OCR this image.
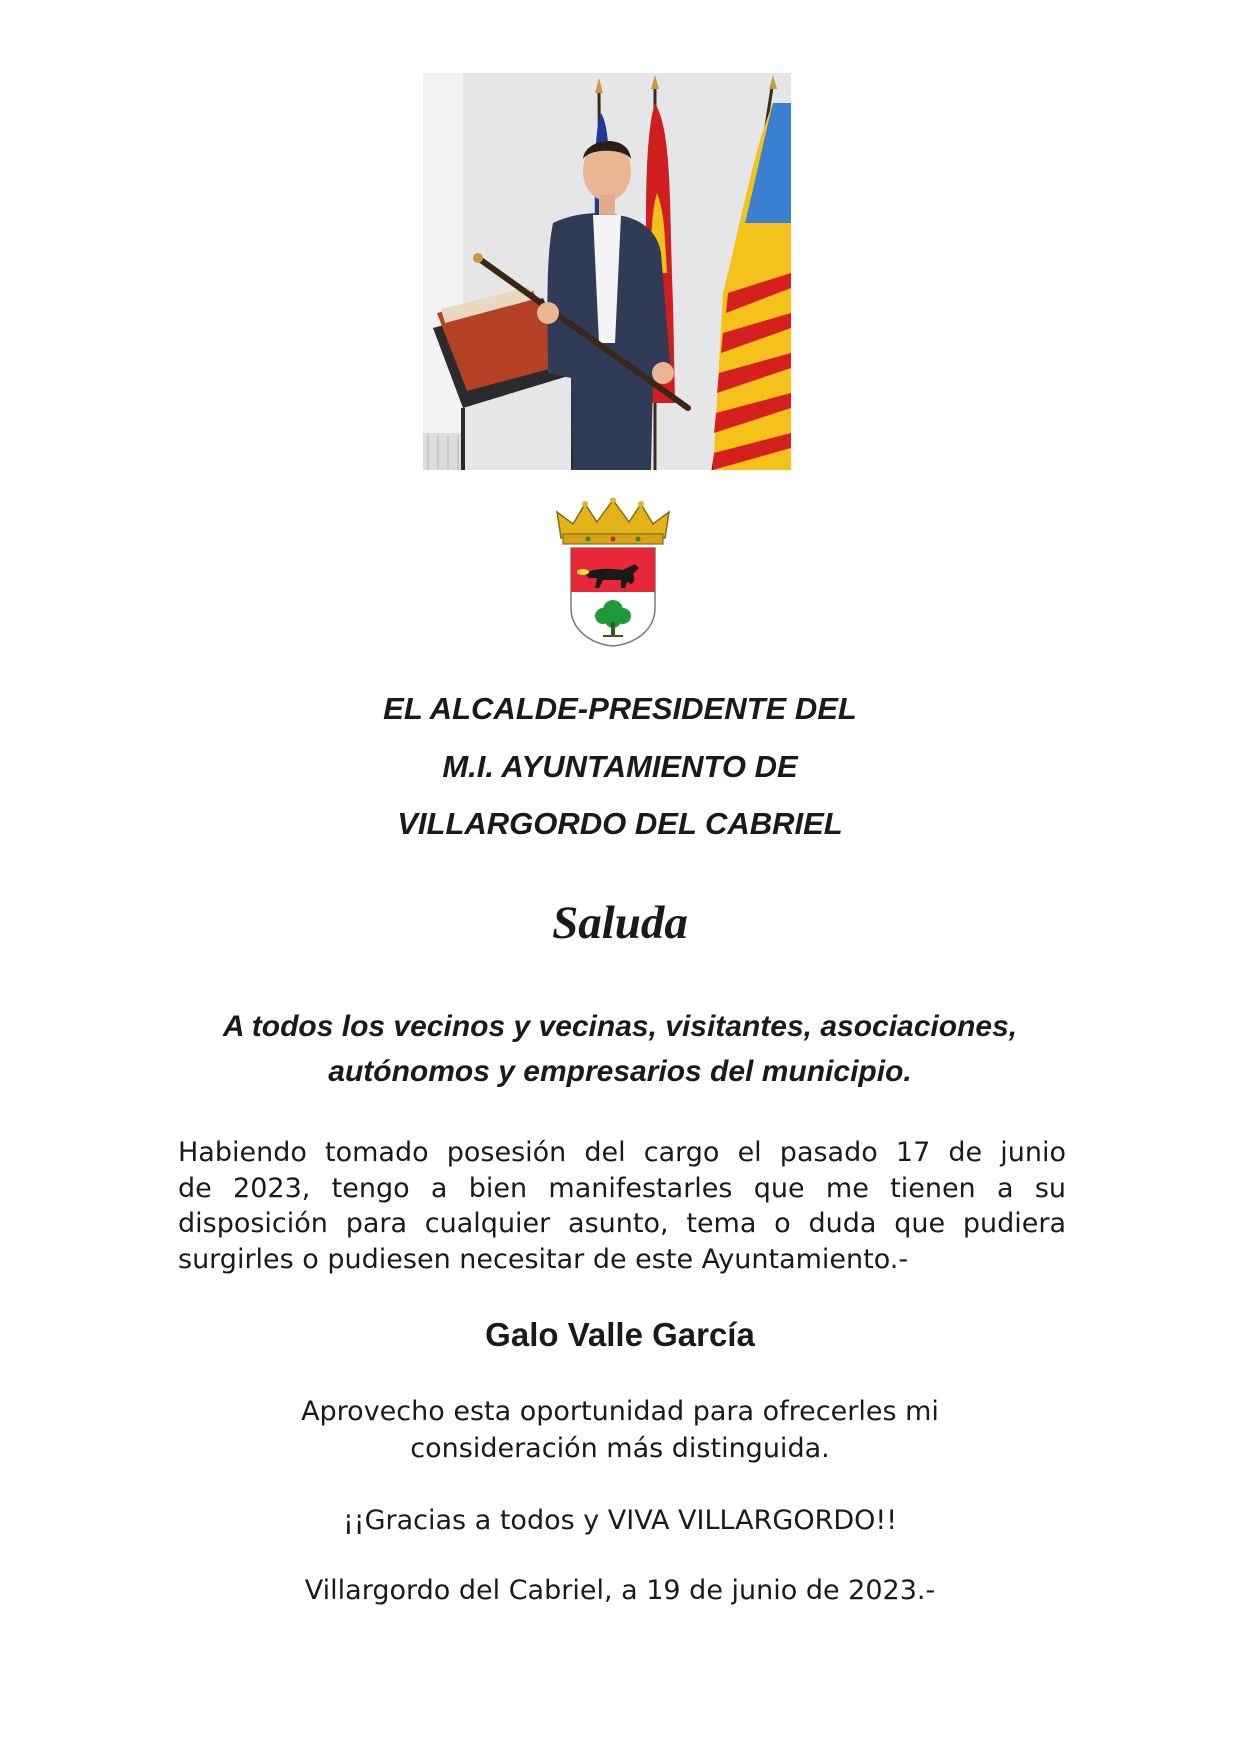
EL ALCALDE-PRESIDENTE DEL
M.I. AYUNTAMIENTO DE
VILLARGORDO DEL CABRIEL
Saluda
A todos los vecinos y vecinas, visitantes, asociaciones,
autónomos y empresarios del municipio.
Habiendo tomado posesión del cargo el pasado 17 de junio
de 2023, tengo a bien manifestarles que me tienen a su
disposición para cualquier asunto, tema o duda que pudiera
surgirles o pudiesen necesitar de este Ayuntamiento.-
Galo Valle García
Aprovecho esta oportunidad para ofrecerles mi
consideración más distinguida.
¡¡Gracias a todos y VIVA VILLARGORDO!!
Villargordo del Cabriel, a 19 de junio de 2023.-
